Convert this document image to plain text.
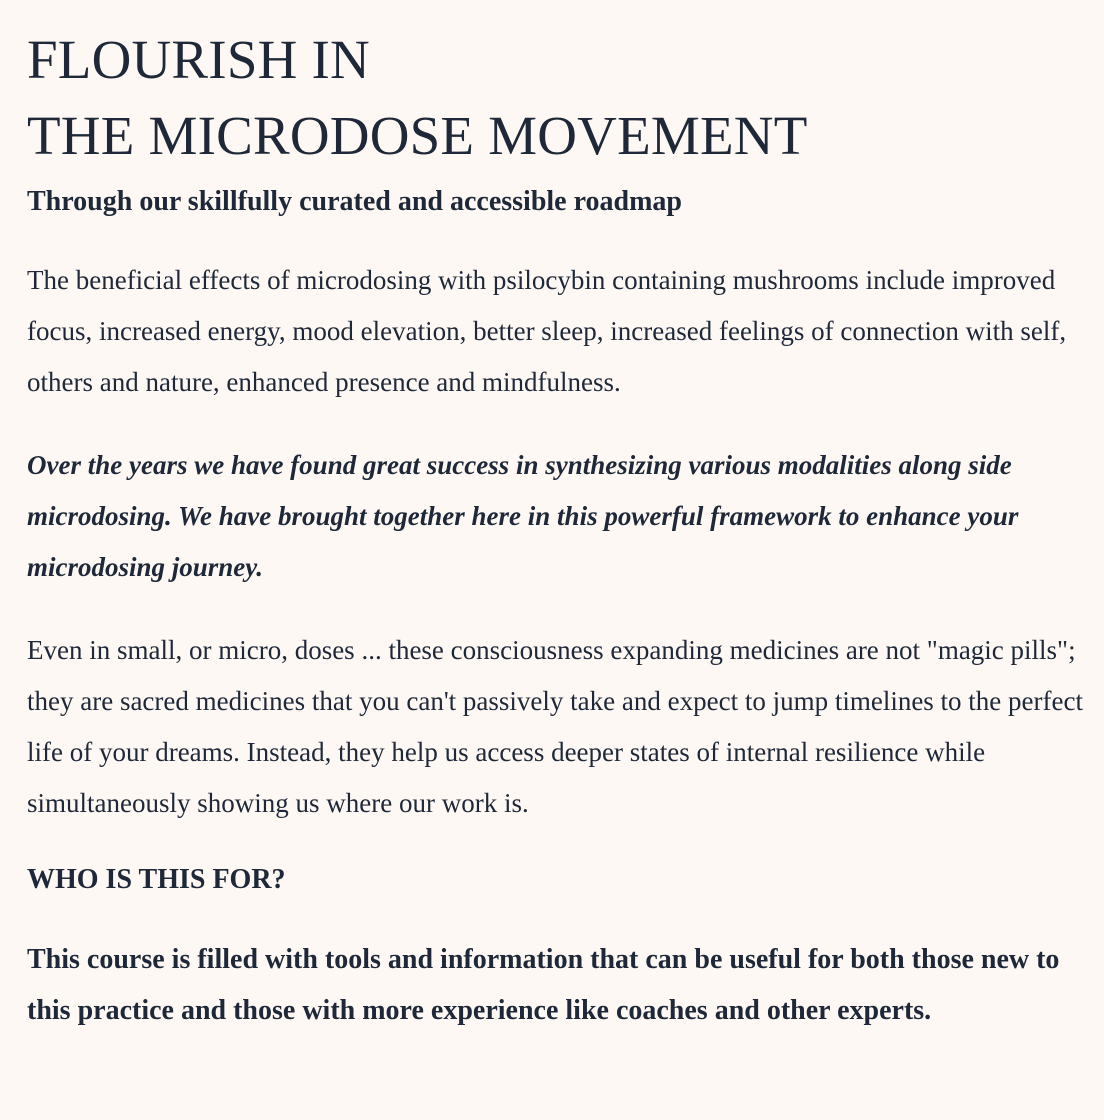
FLOURISH IN
THE MICRODOSE MOVEMENT
Through our skillfully curated and accessible roadmap

The beneficial effects of microdosing with psilocybin containing mushrooms include improved focus, increased energy, mood elevation, better sleep, increased feelings of connection with self, others and nature, enhanced presence and mindfulness.

Over the years we have found great success in synthesizing various modalities along side microdosing. We have brought together here in this powerful framework to enhance your microdosing journey.

Even in small, or micro, doses ... these consciousness expanding medicines are not "magic pills"; they are sacred medicines that you can't passively take and expect to jump timelines to the perfect life of your dreams. Instead, they help us access deeper states of internal resilience while simultaneously showing us where our work is.

WHO IS THIS FOR?

This course is filled with tools and information that can be useful for both those new to this practice and those with more experience like coaches and other experts.
